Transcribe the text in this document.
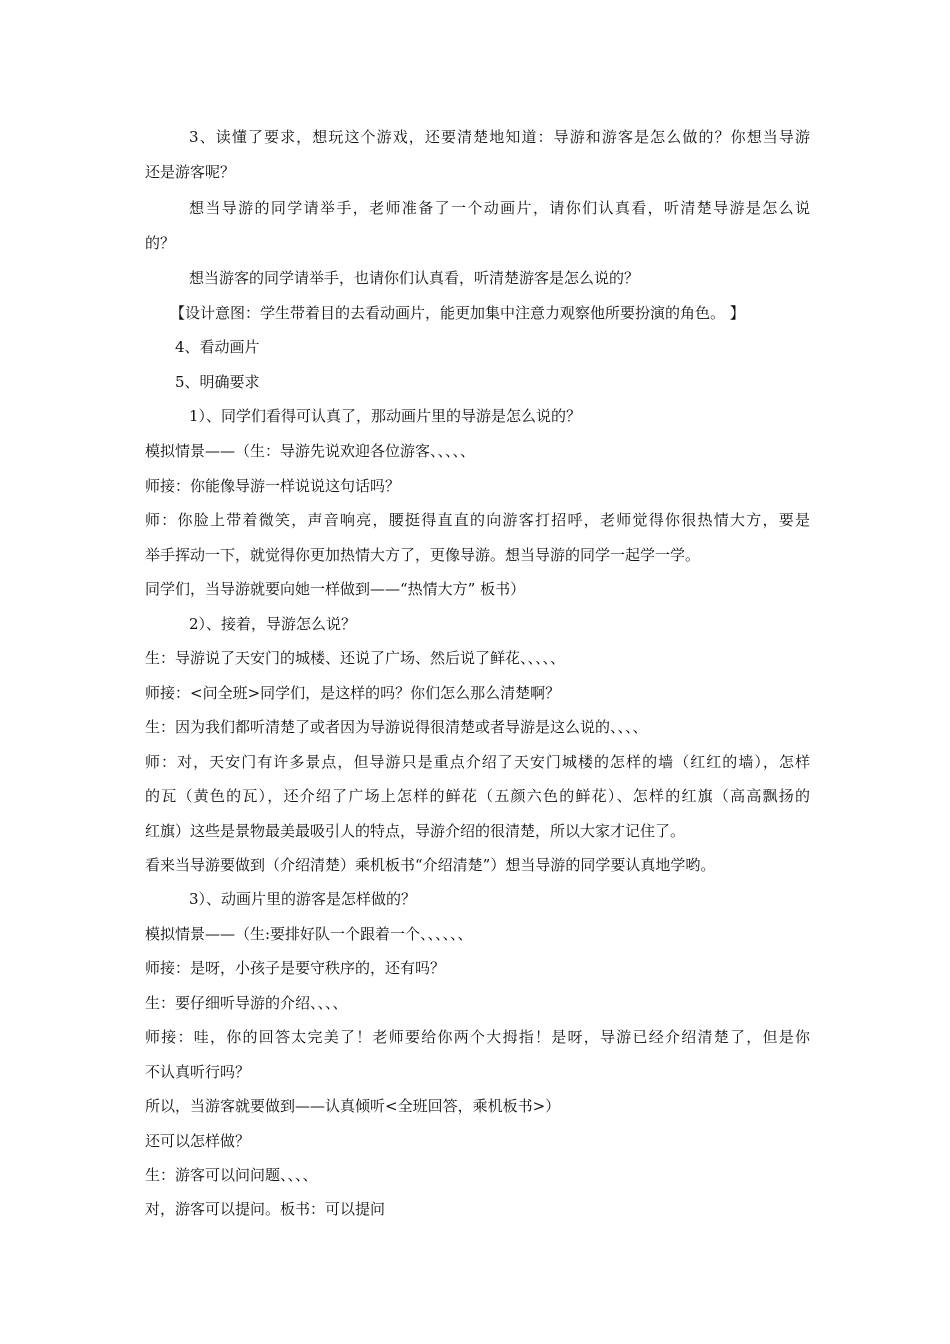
3、读懂了要求，想玩这个游戏，还要清楚地知道：导游和游客是怎么做的？你想当导游
还是游客呢？
想当导游的同学请举手，老师准备了一个动画片，请你们认真看，听清楚导游是怎么说
的？
想当游客的同学请举手，也请你们认真看，听清楚游客是怎么说的？
【设计意图：学生带着目的去看动画片，能更加集中注意力观察他所要扮演的角色。 】
4、看动画片
5、明确要求
1）、同学们看得可认真了，那动画片里的导游是怎么说的？
模拟情景——（生：导游先说欢迎各位游客、、、、、
师接：你能像导游一样说说这句话吗？
师：你脸上带着微笑，声音响亮，腰挺得直直的向游客打招呼，老师觉得你很热情大方，要是
举手挥动一下，就觉得你更加热情大方了，更像导游。想当导游的同学一起学一学。
同学们，当导游就要向她一样做到——“热情大方” 板书）
2）、接着，导游怎么说？
生：导游说了天安门的城楼、还说了广场、然后说了鲜花、、、、、
师接：<问全班>同学们，是这样的吗？你们怎么那么清楚啊？
生：因为我们都听清楚了或者因为导游说得很清楚或者导游是这么说的、、、、
师：对，天安门有许多景点，但导游只是重点介绍了天安门城楼的怎样的墙（红红的墙），怎样
的瓦（黄色的瓦），还介绍了广场上怎样的鲜花（五颜六色的鲜花）、怎样的红旗（高高飘扬的
红旗）这些是景物最美最吸引人的特点，导游介绍的很清楚，所以大家才记住了。
看来当导游要做到（介绍清楚）乘机板书“介绍清楚”）想当导游的同学要认真地学哟。
3）、动画片里的游客是怎样做的？
模拟情景——（生:要排好队一个跟着一个、、、、、、
师接：是呀，小孩子是要守秩序的，还有吗？
生：要仔细听导游的介绍、、、、
师接：哇，你的回答太完美了！老师要给你两个大拇指！是呀，导游已经介绍清楚了，但是你
不认真听行吗？
所以，当游客就要做到——认真倾听<全班回答，乘机板书>）
还可以怎样做？
生：游客可以问问题、、、、
对，游客可以提问。板书：可以提问
